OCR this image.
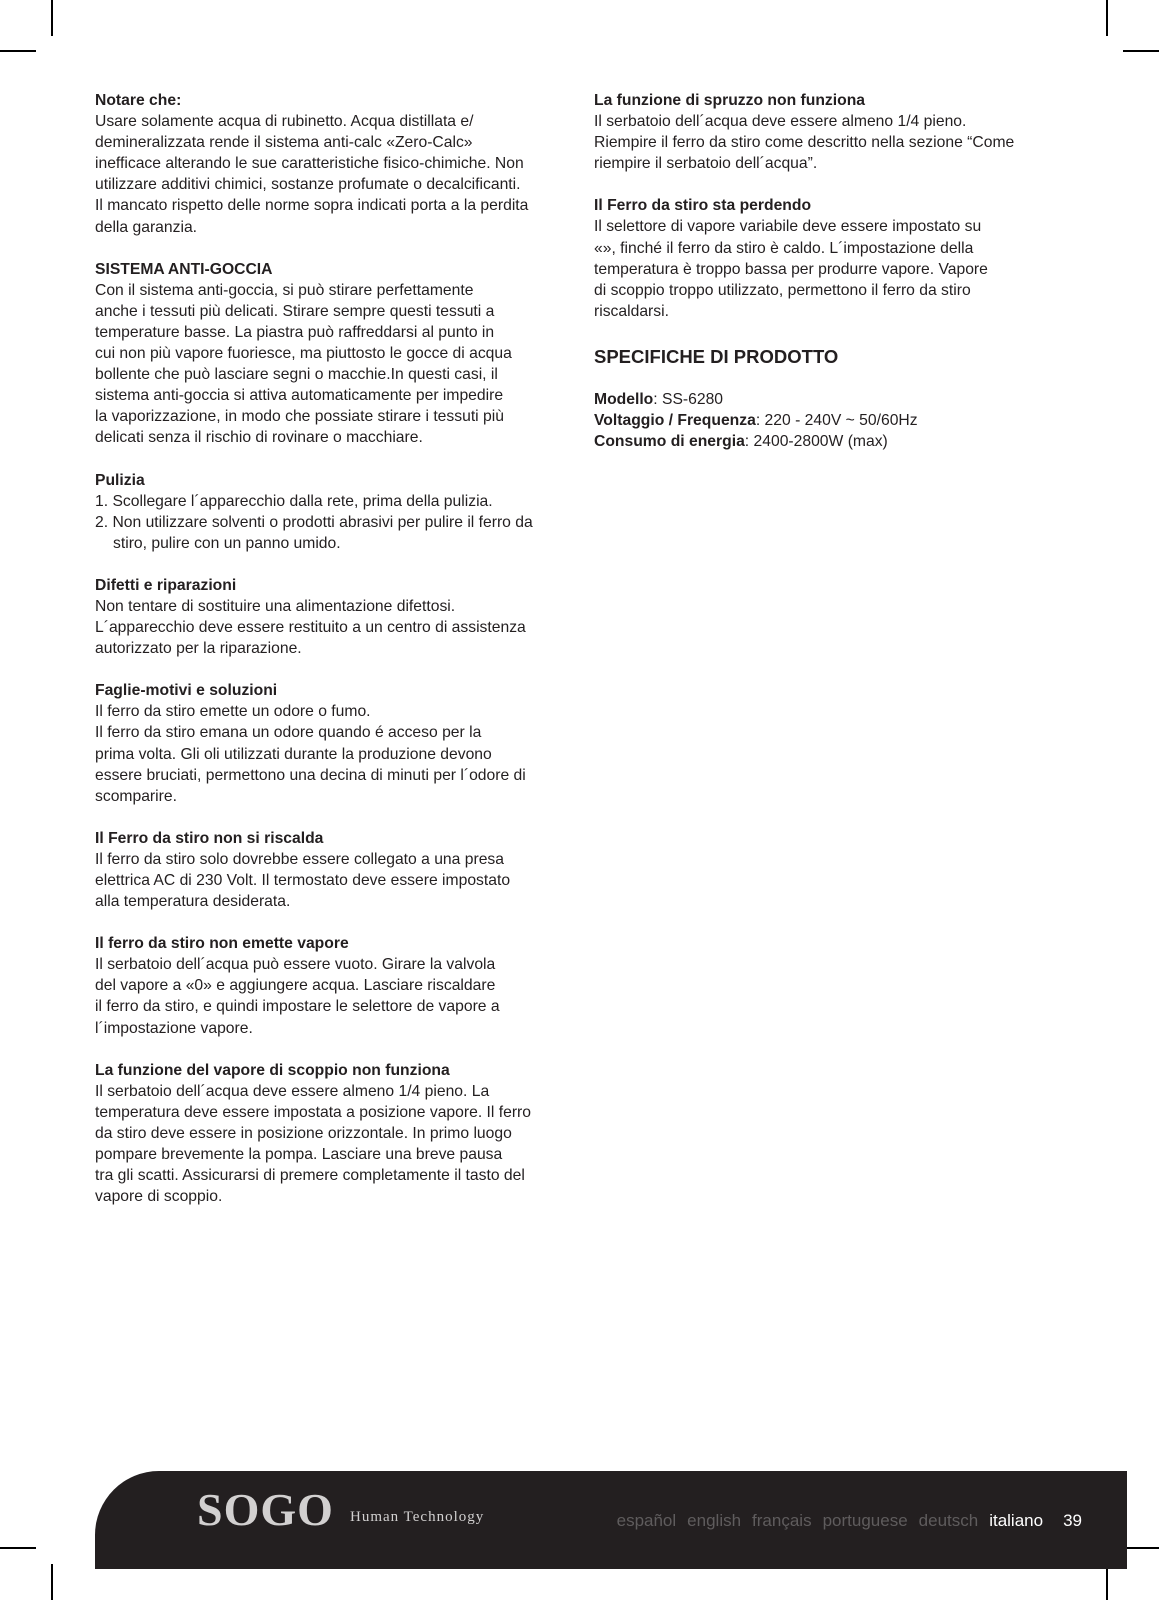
Notare che:

Usare solamente acqua di rubinetto. Acqua distillata e/

demineralizzata rende il sistema anti-calc «Zero-Calc»

inefficace alterando le sue caratteristiche fisico-chimiche. Non

utilizzare additivi chimici, sostanze profumate o decalcificanti.

Il mancato rispetto delle norme sopra indicati porta a la perdita

della garanzia.

SISTEMA ANTI-GOCCIA

Con il sistema anti-goccia, si può stirare perfettamente

anche i tessuti più delicati. Stirare sempre questi tessuti a

temperature basse. La piastra può raffreddarsi al punto in

cui non più vapore fuoriesce, ma piuttosto le gocce di acqua

bollente che può lasciare segni o macchie.In questi casi, il

sistema anti-goccia si attiva automaticamente per impedire

la vaporizzazione, in modo che possiate stirare i tessuti più

delicati senza il rischio di rovinare o macchiare.

Pulizia
1. Scollegare l´apparecchio dalla rete, prima della pulizia.
2. Non utilizzare solventi o prodotti abrasivi per pulire il ferro da stiro, pulire con un panno umido.
Difetti e riparazioni

Non tentare di sostituire una alimentazione difettosi.

L´apparecchio deve essere restituito a un centro di assistenza

autorizzato per la riparazione.

Faglie-motivi e soluzioni

Il ferro da stiro emette un odore o fumo.

Il ferro da stiro emana un odore quando é acceso per la

prima volta. Gli oli utilizzati durante la produzione devono

essere bruciati, permettono una decina di minuti per l´odore di

scomparire.

Il Ferro da stiro non si riscalda

Il ferro da stiro solo dovrebbe essere collegato a una presa

elettrica AC di 230 Volt. Il termostato deve essere impostato

alla temperatura desiderata.

Il ferro da stiro non emette vapore

Il serbatoio dell´acqua può essere vuoto. Girare la valvola

del vapore a «0» e aggiungere acqua. Lasciare riscaldare

il ferro da stiro, e quindi impostare le selettore de vapore a

l´impostazione vapore.

La funzione del vapore di scoppio non funziona

Il serbatoio dell´acqua deve essere almeno 1/4 pieno. La

temperatura deve essere impostata a posizione vapore. Il ferro

da stiro deve essere in posizione orizzontale. In primo luogo

pompare brevemente la pompa. Lasciare una breve pausa

tra gli scatti. Assicurarsi di premere completamente il tasto del

vapore di scoppio.

La funzione di spruzzo non funziona

Il serbatoio dell´acqua deve essere almeno 1/4 pieno.

Riempire il ferro da stiro come descritto nella sezione “Come

riempire il serbatoio dell´acqua”.

Il Ferro da stiro sta perdendo

Il selettore di vapore variabile deve essere impostato su

«», finché il ferro da stiro è caldo. L´impostazione della

temperatura è troppo bassa per produrre vapore. Vapore

di scoppio troppo utilizzato, permettono il ferro da stiro

riscaldarsi.

SPECIFICHE DI PRODOTTO

Modello: SS-6280

Voltaggio / Frequenza: 220 - 240V ~ 50/60Hz

Consumo di energia: 2400-2800W (max)

SOGO Human Technology	español english français portuguese deutsch italiano 39
